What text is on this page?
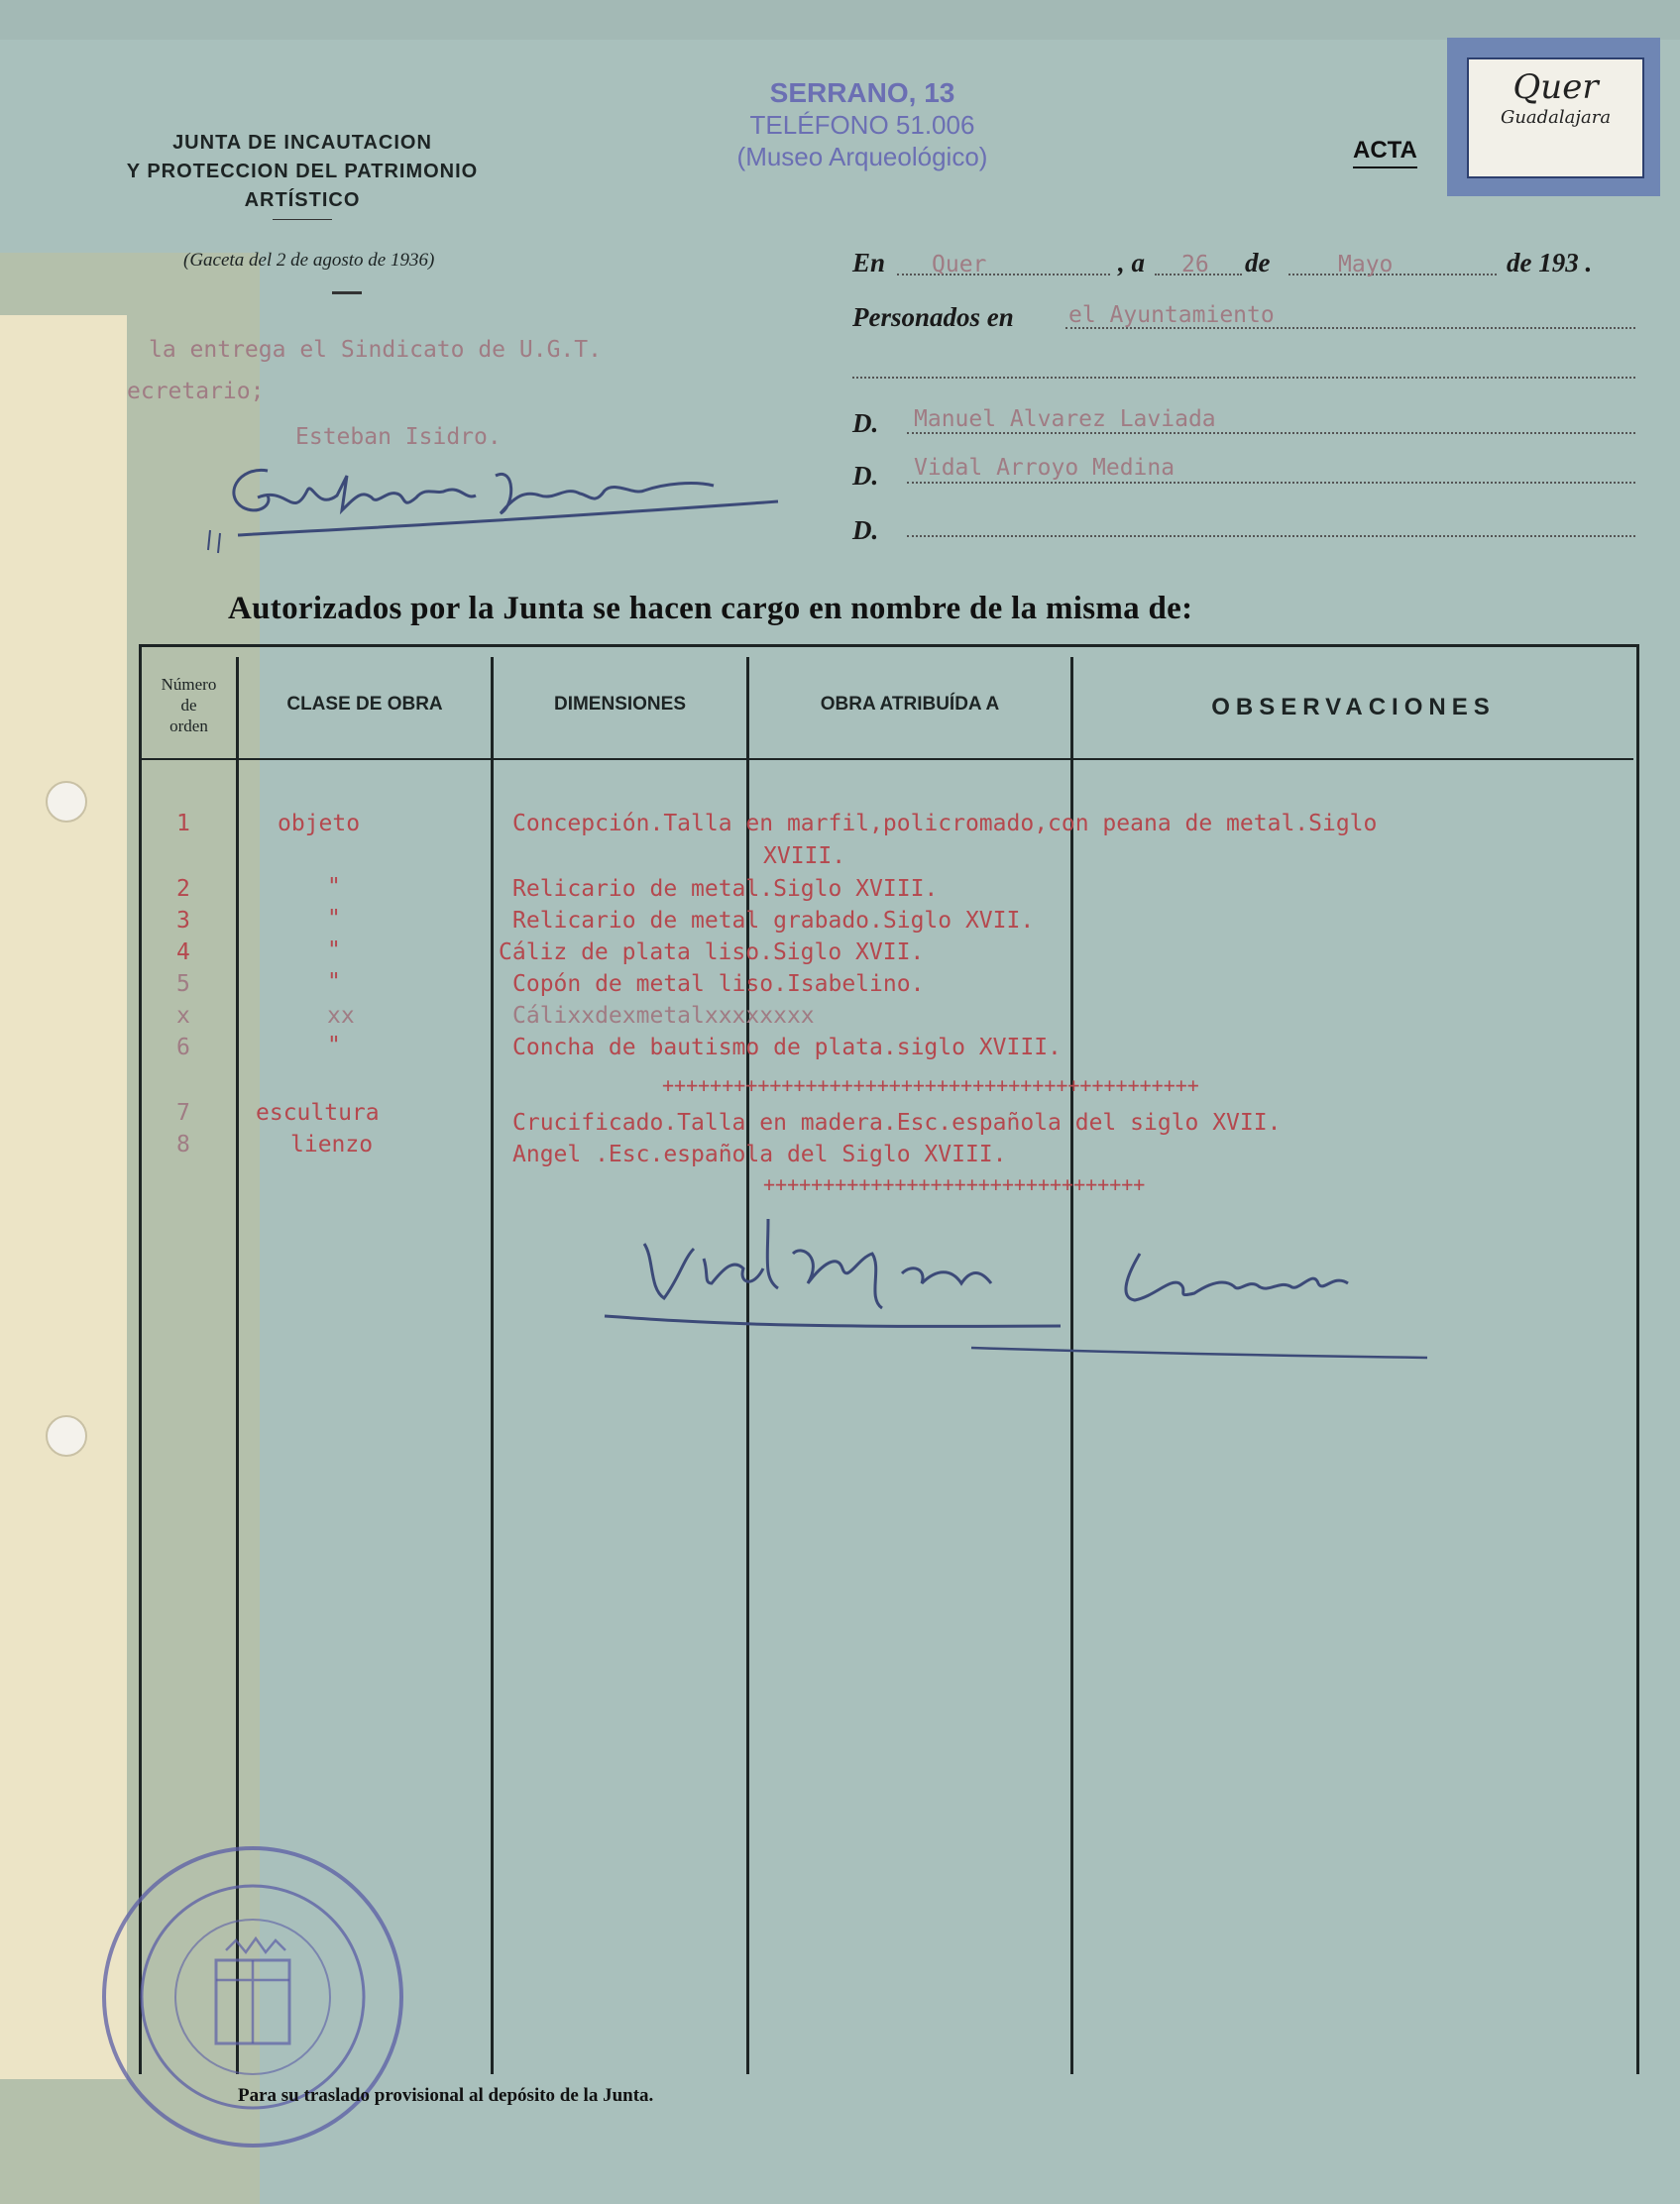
JUNTA DE INCAUTACION
Y PROTECCION DEL PATRIMONIO
ARTÍSTICO
(Gaceta del 2 de agosto de 1936)
SERRANO, 13
TELÉFONO 51.006
(Museo Arqueológico)	ACTA
Quer
Guadalajara
En Quer	, a 26 de	Mayo	de 193 .
Personados en el Ayuntamiento
D. Manuel Alvarez Laviada
D. Vidal Arroyo Medina
D.
la entrega el Sindicato de U.G.T.
ecretario;
Esteban Isidro.
Autorizados por la Junta se hacen cargo en nombre de la misma de:
Número
de
orden
CLASE DE OBRA	DIMENSIONES	OBRA ATRIBUÍDA A	OBSERVACIONES
1	objeto	Concepción.Talla en marfil,policromado,con peana de metal.Siglo
XVIII.
2	"	Relicario de metal.Siglo XVIII.
3	"	Relicario de metal grabado.Siglo XVII.
4	"	Cáliz de plata liso.Siglo XVII.
5	"	Copón de metal liso.Isabelino.
x	xx	Cálixxdexmetalxxxxxxxx
6	"	Concha de bautismo de plata.siglo XVIII.
+++++++++++++++++++++++++++++++++++++++++++++
7	escultura	Crucificado.Talla en madera.Esc.española del siglo XVII.
8	lienzo	Angel .Esc.española del Siglo XVIII.
++++++++++++++++++++++++++++++++
Para su traslado provisional al depósito de la Junta.
